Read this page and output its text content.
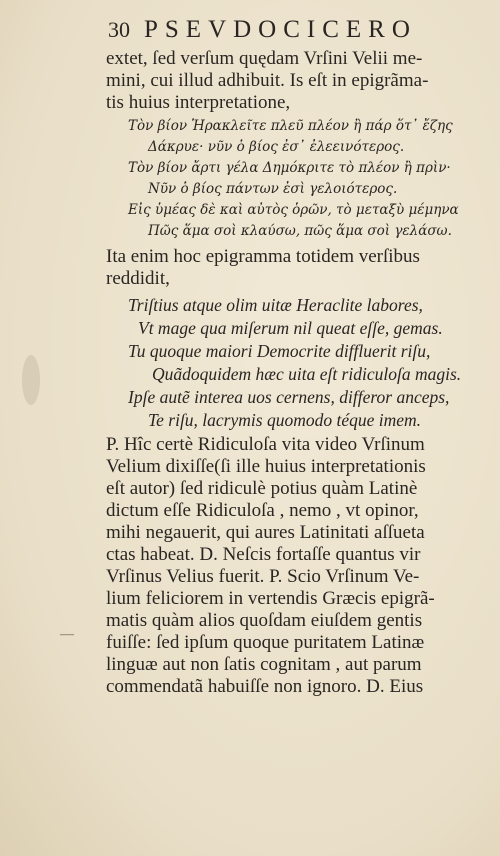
30 PSEVDOCICERO
extet, ſed verſum quędam Vrſini Velii me-
mini, cui illud adhibuit. Is eſt in epigrãma-
tis huius interpretatione,
Τὸν βίον Ἡρακλεῖτε πλεῦ πλέον ἢ πάρ ὅτ᾽ ἔζης
Δάκρυε· νῦν ὁ βίος ἐσ᾽ ἐλεεινότερος.
Τὸν βίον ἄρτι γέλα Δημόκριτε τὸ πλέον ἢ πρὶν·
Νῦν ὁ βίος πάντων ἐσὶ γελοιότερος.
Εἰς ὑμέας δὲ καὶ αὐτὸς ὁρῶν, τὸ μεταξὺ μέμηνα
Πῶς ἅμα σοὶ κλαύσω, πῶς ἅμα σοὶ γελάσω.
Ita enim hoc epigramma totidem verſibus
reddidit,
Triſtius atque olim uitæ Heraclite labores,
Vt mage qua miſerum nil queat eſſe, gemas.
Tu quoque maiori Democrite diffluerit riſu,
Quãdoquidem hæc uita eſt ridiculoſa magis.
Ipſe autẽ interea uos cernens, differor anceps,
Te riſu, lacrymis quomodo téque imem.
P. Hîc certè Ridiculoſa vita video Vrſinum
Velium dixiſſe(ſi ille huius interpretationis
eſt autor) ſed ridiculè potius quàm Latinè
dictum eſſe Ridiculoſa , nemo , vt opinor,
mihi negauerit, qui aures Latinitati aſſueta
ctas habeat. D. Neſcis fortaſſe quantus vir
Vrſinus Velius fuerit. P. Scio Vrſinum Ve-
lium feliciorem in vertendis Græcis epigrã-
matis quàm alios quoſdam eiuſdem gentis
fuiſſe: ſed ipſum quoque puritatem Latinæ
linguæ aut non ſatis cognitam , aut parum
commendatã habuiſſe non ignoro. D. Eius
—
